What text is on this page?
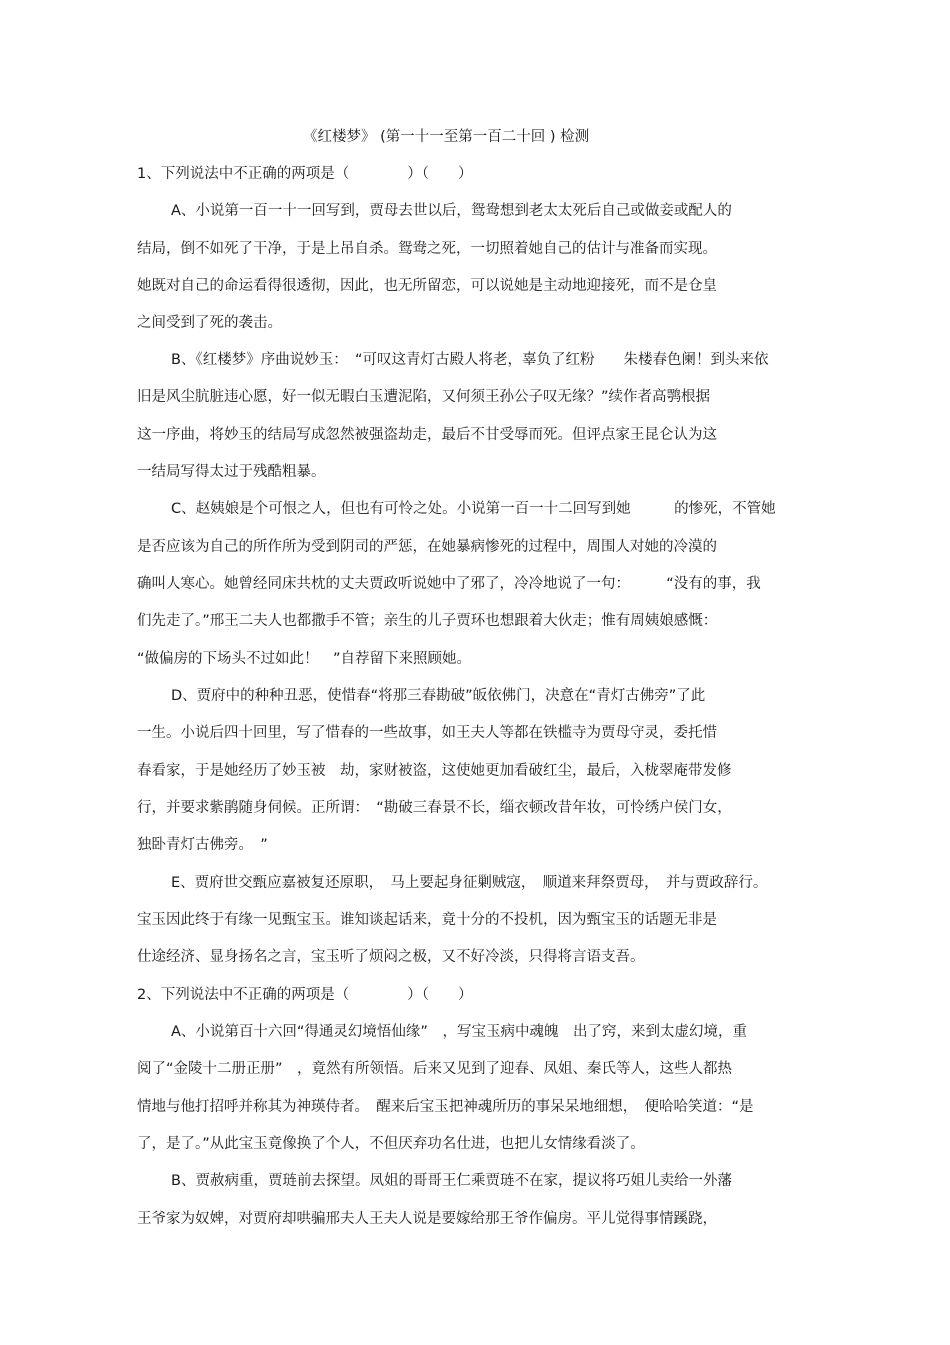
《红楼梦》 (第一十一至第一百二十回 ) 检测
1、下列说法中不正确的两项是（　　　　）（　　）
A、小说第一百一十一回写到，贾母去世以后，鸳鸯想到老太太死后自己或做妾或配人的
结局，倒不如死了干净，于是上吊自杀。鸳鸯之死，一切照着她自己的估计与准备而实现。
她既对自己的命运看得很透彻，因此，也无所留恋，可以说她是主动地迎接死，而不是仓皇
之间受到了死的袭击。
B、《红楼梦》序曲说妙玉：　“可叹这青灯古殿人将老，辜负了红粉　　朱楼春色阑！到头来依
旧是风尘肮脏违心愿，好一似无暇白玉遭泥陷，又何须王孙公子叹无缘？”续作者高鹗根据
这一序曲，将妙玉的结局写成忽然被强盗劫走，最后不甘受辱而死。但评点家王昆仑认为这
一结局写得太过于残酷粗暴。
C、赵姨娘是个可恨之人，但也有可怜之处。小说第一百一十二回写到她　　　的惨死，不管她
是否应该为自己的所作所为受到阴司的严惩，在她暴病惨死的过程中，周围人对她的冷漠的
确叫人寒心。她曾经同床共枕的丈夫贾政听说她中了邪了，冷冷地说了一句：　　　“没有的事，我
们先走了。”邢王二夫人也都撒手不管；亲生的儿子贾环也想跟着大伙走；惟有周姨娘感慨：
“做偏房的下场头不过如此！　”自荐留下来照顾她。
D、贾府中的种种丑恶，使惜春“将那三春勘破”皈依佛门，决意在“青灯古佛旁”了此
一生。小说后四十回里，写了惜春的一些故事，如王夫人等都在铁槛寺为贾母守灵，委托惜
春看家，于是她经历了妙玉被　劫，家财被盗，这使她更加看破红尘，最后，入栊翠庵带发修
行，并要求紫鹃随身伺候。正所谓：　“勘破三春景不长，缁衣顿改昔年妆，可怜绣户侯门女，
独卧青灯古佛旁。　”
E、贾府世交甄应嘉被复还原职，　马上要起身征剿贼寇，　顺道来拜祭贾母，　并与贾政辞行。
宝玉因此终于有缘一见甄宝玉。谁知谈起话来，竟十分的不投机，因为甄宝玉的话题无非是
仕途经济、显身扬名之言，宝玉听了烦闷之极，又不好冷淡，只得将言语支吾。
2、下列说法中不正确的两项是（　　　　）（　　）
A、小说第百十六回“得通灵幻境悟仙缘”　，写宝玉病中魂魄　出了窍，来到太虚幻境，重
阅了“金陵十二册正册”　，竟然有所领悟。后来又见到了迎春、凤姐、秦氏等人，这些人都热
情地与他打招呼并称其为神瑛侍者。　醒来后宝玉把神魂所历的事呆呆地细想，　便哈哈笑道：“是
了，是了。”从此宝玉竟像换了个人，不但厌弃功名仕进，也把儿女情缘看淡了。
B、贾赦病重，贾琏前去探望。凤姐的哥哥王仁乘贾琏不在家，提议将巧姐儿卖给一外藩
王爷家为奴婢，对贾府却哄骗邢夫人王夫人说是要嫁给那王爷作偏房。平儿觉得事情蹊跷，
